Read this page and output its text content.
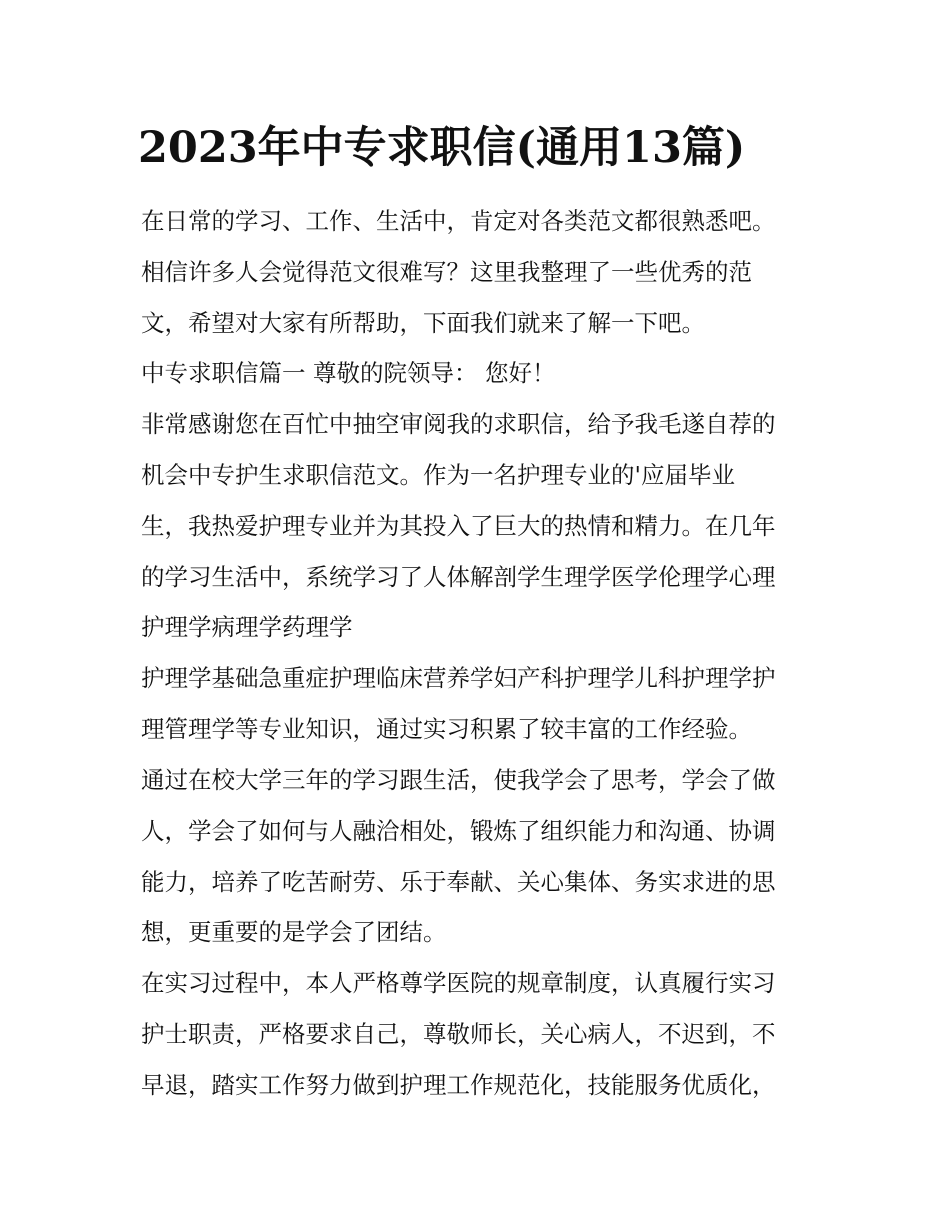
2023年中专求职信(通用13篇)

在日常的学习、工作、生活中，肯定对各类范文都很熟悉吧。

相信许多人会觉得范文很难写？这里我整理了一些优秀的范

文，希望对大家有所帮助，下面我们就来了解一下吧。

中专求职信篇一 尊敬的院领导： 您好！

非常感谢您在百忙中抽空审阅我的求职信，给予我毛遂自荐的

机会中专护生求职信范文。作为一名护理专业的'应届毕业

生，我热爱护理专业并为其投入了巨大的热情和精力。在几年

的学习生活中，系统学习了人体解剖学生理学医学伦理学心理

护理学病理学药理学

护理学基础急重症护理临床营养学妇产科护理学儿科护理学护

理管理学等专业知识，通过实习积累了较丰富的工作经验。

通过在校大学三年的学习跟生活，使我学会了思考，学会了做

人，学会了如何与人融洽相处，锻炼了组织能力和沟通、协调

能力，培养了吃苦耐劳、乐于奉献、关心集体、务实求进的思

想，更重要的是学会了团结。

在实习过程中，本人严格尊学医院的规章制度，认真履行实习

护士职责，严格要求自己，尊敬师长，关心病人，不迟到，不

早退，踏实工作努力做到护理工作规范化，技能服务优质化，
